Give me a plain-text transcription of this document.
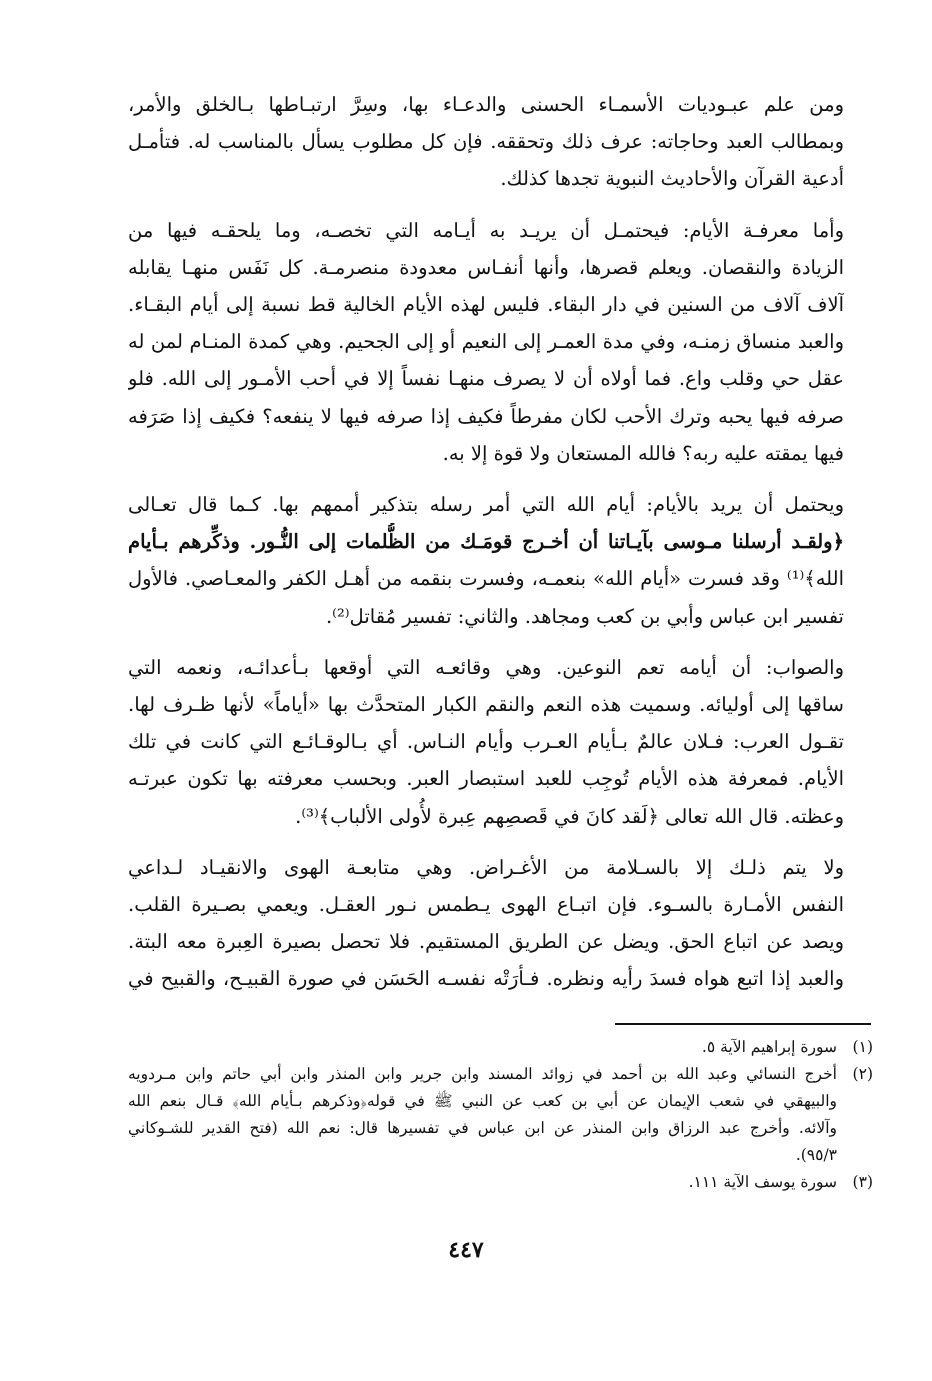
ومن علم عبـوديات الأسمـاء الحسنى والدعـاء بها، وسِرَّ ارتبـاطها بـالخلق والأمر،
وبمطالب العبد وحاجاته: عرف ذلك وتحققه. فإن كل مطلوب يسأل بالمناسب له. فتأمـل
أدعية القرآن والأحاديث النبوية تجدها كذلك.

وأما معرفـة الأيام: فيحتمـل أن يريـد به أيـامه التي تخصـه، وما يلحقـه فيها من
الزيادة والنقصان. ويعلم قصرها، وأنها أنفـاس معدودة منصرمـة. كل نَفَس منهـا يقابله
آلاف آلاف من السنين في دار البقاء. فليس لهذه الأيام الخالية قط نسبة إلى أيام البقـاء.
والعبد منساق زمنـه، وفي مدة العمـر إلى النعيم أو إلى الجحيم. وهي كمدة المنـام لمن له
عقل حي وقلب واع. فما أولاه أن لا يصرف منهـا نفساً إلا في أحب الأمـور إلى الله. فلو
صرفه فيها يحبه وترك الأحب لكان مفرطاً فكيف إذا صرفه فيها لا ينفعه؟ فكيف إذا صَرَفه
فيها يمقته عليه ربه؟ فالله المستعان ولا قوة إلا به.

ويحتمل أن يريد بالأيام: أيام الله التي أمر رسله بتذكير أممهم بها. كـما قال تعـالى
﴿ولقـد أرسلنا مـوسى بآيـاتنا أن أخـرج قومَـك من الظُّلمات إلى النُّـور. وذكِّرهم بـأيام
الله﴾⁽¹⁾ وقد فسرت «أيام الله» بنعمـه، وفسرت بنقمه من أهـل الكفر والمعـاصي. فالأول
تفسير ابن عباس وأبي بن كعب ومجاهد. والثاني: تفسير مُقاتل⁽²⁾.

والصواب: أن أيامه تعم النوعين. وهي وقائعـه التي أوقعها بـأعدائـه، ونعمه التي
ساقها إلى أوليائه. وسميت هذه النعم والنقم الكبار المتحدَّث بها «أياماً» لأنها ظـرف لها.
تقـول العرب: فـلان عالمٌ بـأيام العـرب وأيام النـاس. أي بـالوقـائـع التي كانت في تلك
الأيام. فمعرفة هذه الأيام تُوجِب للعبد استبصار العبر. وبحسب معرفته بها تكون عبرتـه
وعظته. قال الله تعالى ﴿لَقد كانَ في قَصصِهم عِبرة لأُولى الألباب﴾⁽³⁾.

ولا يتم ذلـك إلا بالسـلامة من الأغـراض. وهي متابعـة الهوى والانقيـاد لـداعي
النفس الأمـارة بالسـوء. فإن اتبـاع الهوى يـطمس نـور العقـل. ويعمي بصـيرة القلب.
ويصد عن اتباع الحق. ويضل عن الطريق المستقيم. فلا تحصل بصيرة العِبرة معه البتة.
والعبد إذا اتبع هواه فسدَ رأيه ونظره. فـأرَتْه نفسـه الحَسَن في صورة القبيـح، والقبيح في

(١)
سورة إبراهيم الآية ٥.
(٢)
أخرج النسائي وعبد الله بن أحمد في زوائد المسند وابن جرير وابن المنذر وابن أبي حاتم وابن مـردويه
والبيهقي في شعب الإيمان عن أبي بن كعب عن النبي ﷺ في قوله﴿وذكرهم بـأيام الله﴾ قـال بنعم الله
وآلائه. وأخرج عبد الرزاق وابن المنذر عن ابن عباس في تفسيرها قال: نعم الله (فتح القدير للشـوكاني
٩٥/٣).
(٣)
سورة يوسف الآية ١١١.
٤٤٧
